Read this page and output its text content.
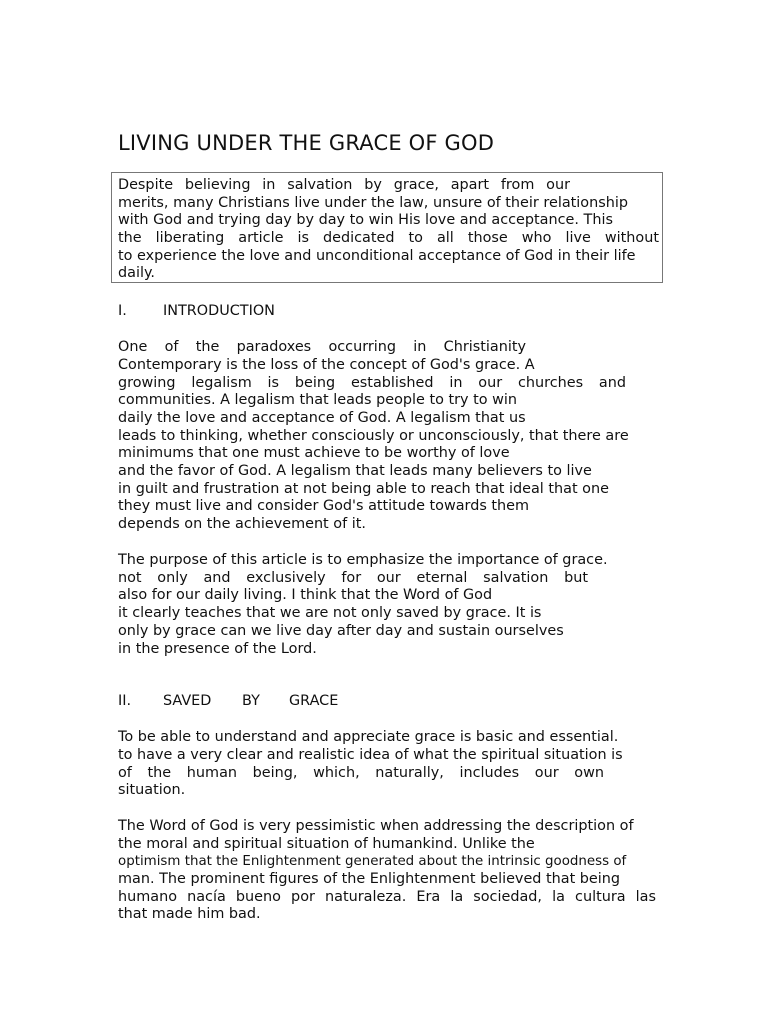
LIVING UNDER THE GRACE OF GOD
Despite believing in salvation by grace, apart from our
merits, many Christians live under the law, unsure of their relationship
with God and trying day by day to win His love and acceptance. This
the liberating article is dedicated to all those who live without
to experience the love and unconditional acceptance of God in their life
daily.
I.	INTRODUCTION
One of the paradoxes occurring in Christianity
Contemporary is the loss of the concept of God's grace. A
growing legalism is being established in our churches and
communities. A legalism that leads people to try to win
daily the love and acceptance of God. A legalism that us
leads to thinking, whether consciously or unconsciously, that there are
minimums that one must achieve to be worthy of love
and the favor of God. A legalism that leads many believers to live
in guilt and frustration at not being able to reach that ideal that one
they must live and consider God's attitude towards them
depends on the achievement of it.
The purpose of this article is to emphasize the importance of grace.
not only and exclusively for our eternal salvation but
also for our daily living. I think that the Word of God
it clearly teaches that we are not only saved by grace. It is
only by grace can we live day after day and sustain ourselves
in the presence of the Lord.
II. SAVED BY GRACE
To be able to understand and appreciate grace is basic and essential.
to have a very clear and realistic idea of what the spiritual situation is
of the human being, which, naturally, includes our own
situation.
The Word of God is very pessimistic when addressing the description of
the moral and spiritual situation of humankind. Unlike the
optimism that the Enlightenment generated about the intrinsic goodness of
man. The prominent figures of the Enlightenment believed that being
humano nacía bueno por naturaleza. Era la sociedad, la cultura las
that made him bad.
